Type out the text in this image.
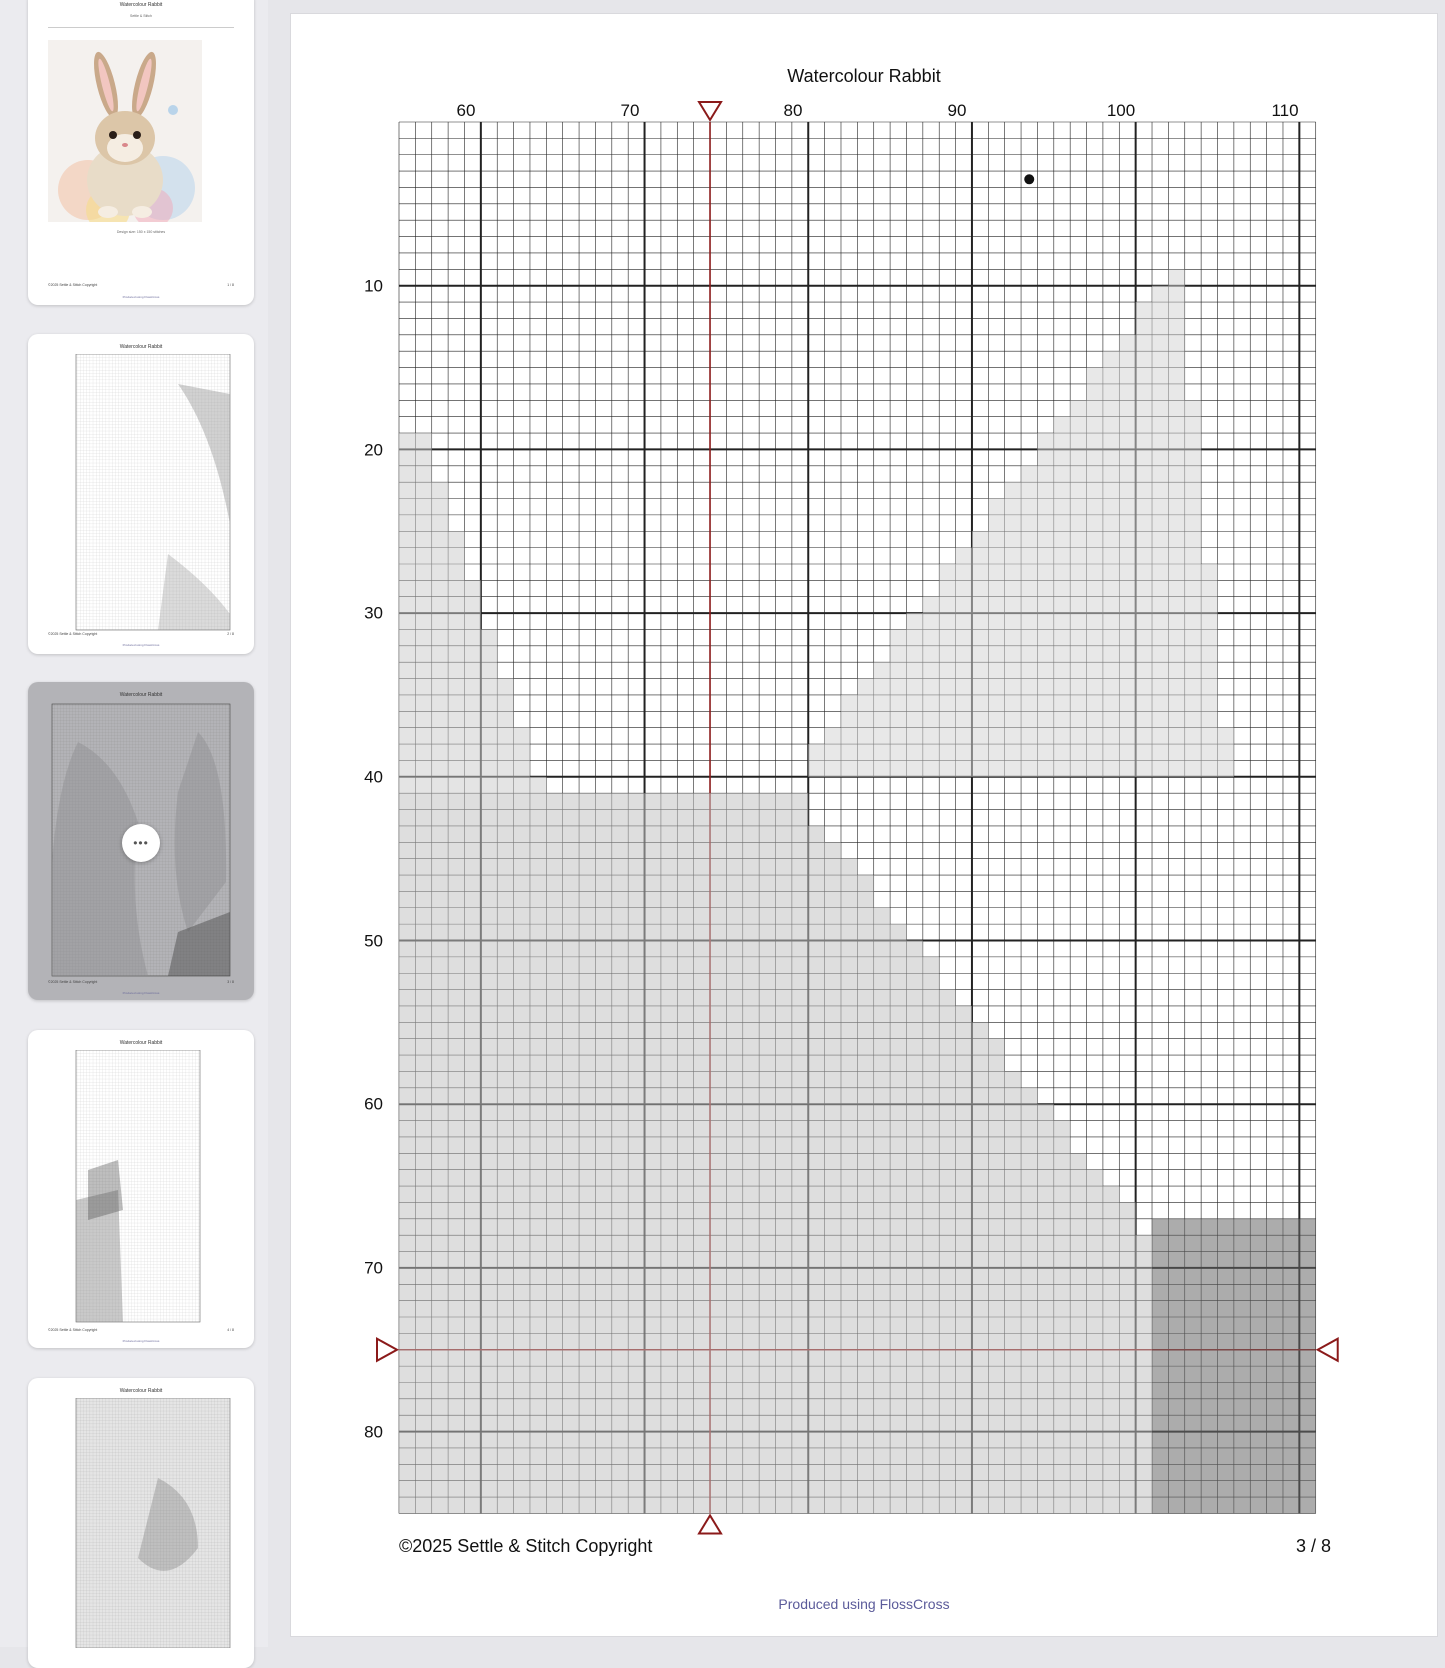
Watercolour Rabbit
Settle & Stitch
Design size: 150 x 150 stitches
©2025 Settle & Stitch Copyright	1 / 8
Produced using FlossCross
Watercolour Rabbit
©2025 Settle & Stitch Copyright	2 / 8
Produced using FlossCross
Watercolour Rabbit
©2025 Settle & Stitch Copyright	3 / 8
Produced using FlossCross
•••
Watercolour Rabbit
©2025 Settle & Stitch Copyright	4 / 8
Produced using FlossCross
Watercolour Rabbit
Watercolour Rabbit
60	70	80	90	100	110
10
20
30
40
50
60
70
80
©2025 Settle & Stitch Copyright	3 / 8
Produced using FlossCross
